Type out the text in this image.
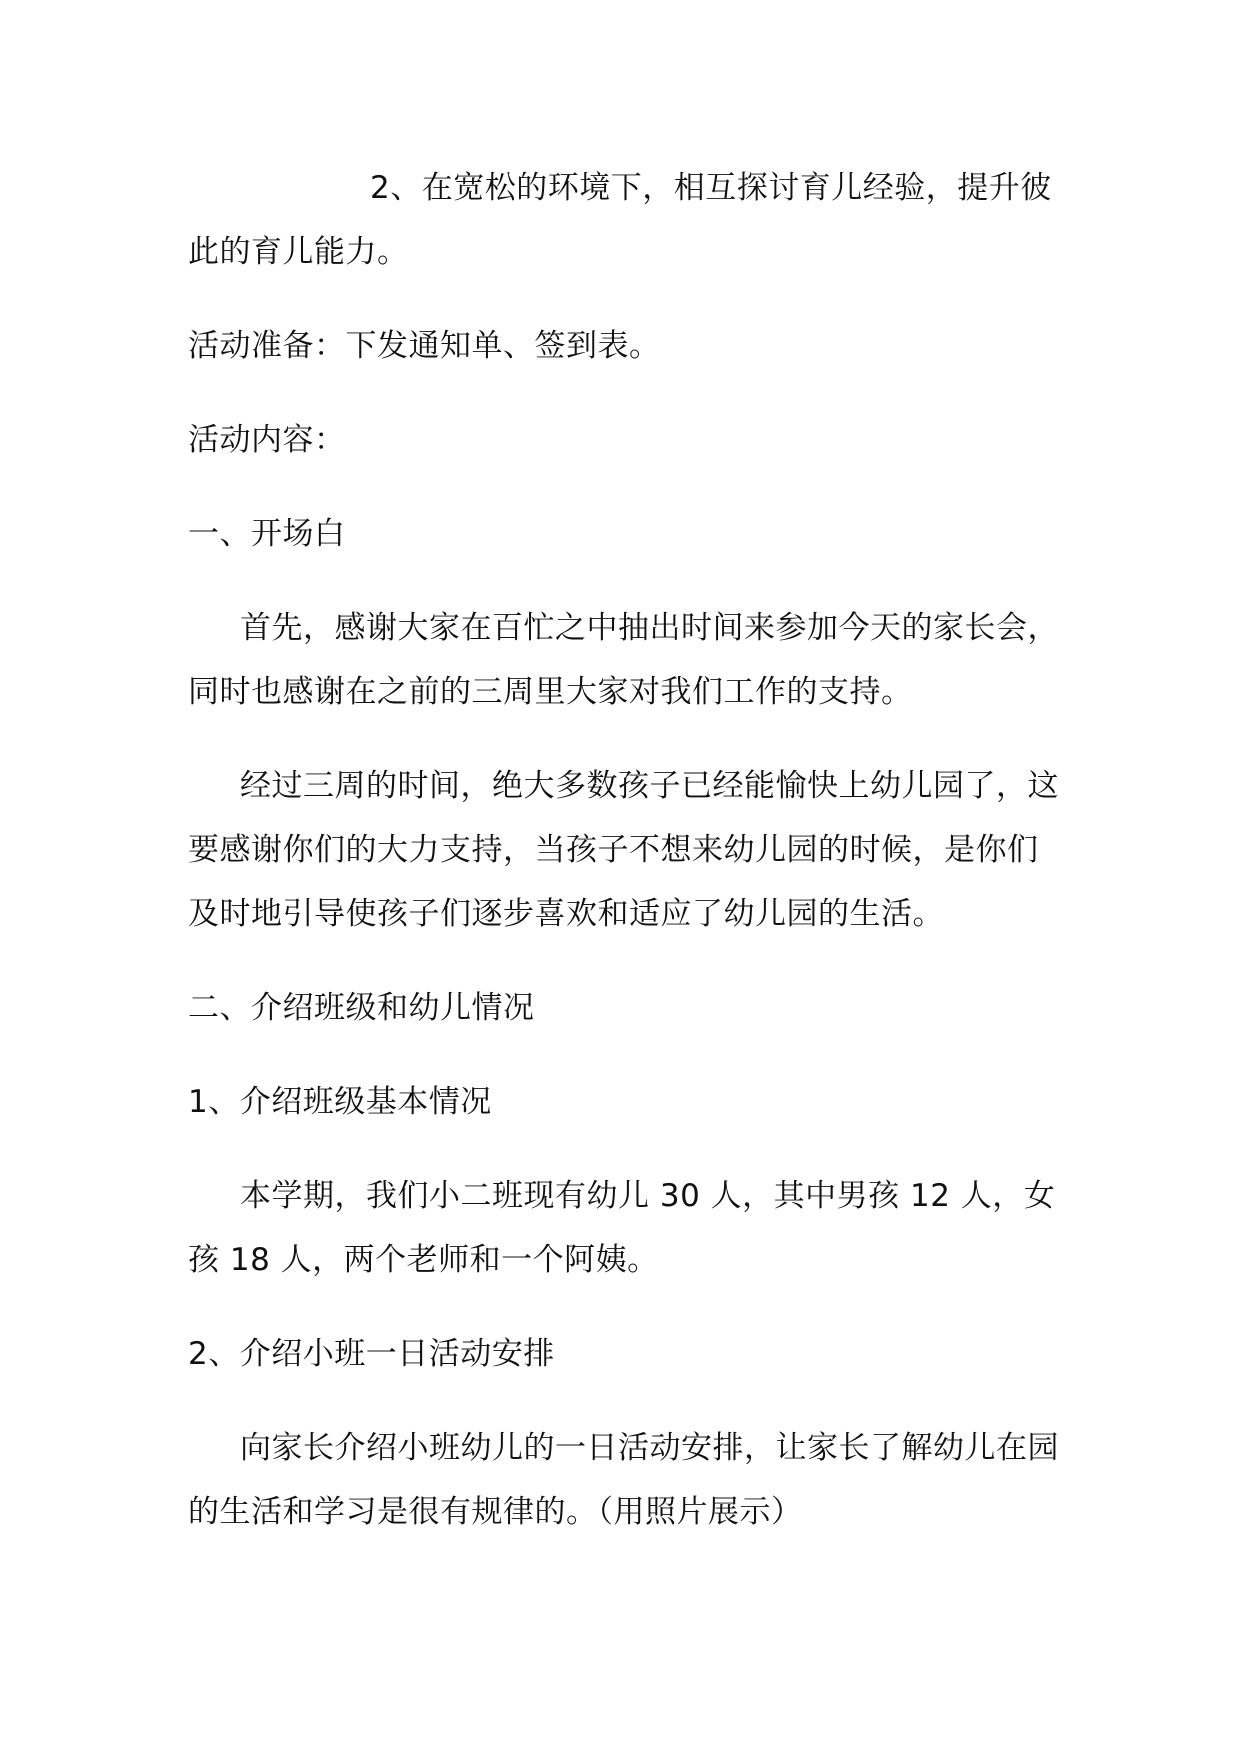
2、在宽松的环境下，相互探讨育儿经验，提升彼此的育儿能力。

活动准备：下发通知单、签到表。

活动内容：

一、开场白

首先，感谢大家在百忙之中抽出时间来参加今天的家长会，同时也感谢在之前的三周里大家对我们工作的支持。

经过三周的时间，绝大多数孩子已经能愉快上幼儿园了，这要感谢你们的大力支持，当孩子不想来幼儿园的时候，是你们及时地引导使孩子们逐步喜欢和适应了幼儿园的生活。

二、介绍班级和幼儿情况

1、介绍班级基本情况

本学期，我们小二班现有幼儿 30 人，其中男孩 12 人，女孩 18 人，两个老师和一个阿姨。

2、介绍小班一日活动安排

向家长介绍小班幼儿的一日活动安排，让家长了解幼儿在园的生活和学习是很有规律的。（用照片展示）
